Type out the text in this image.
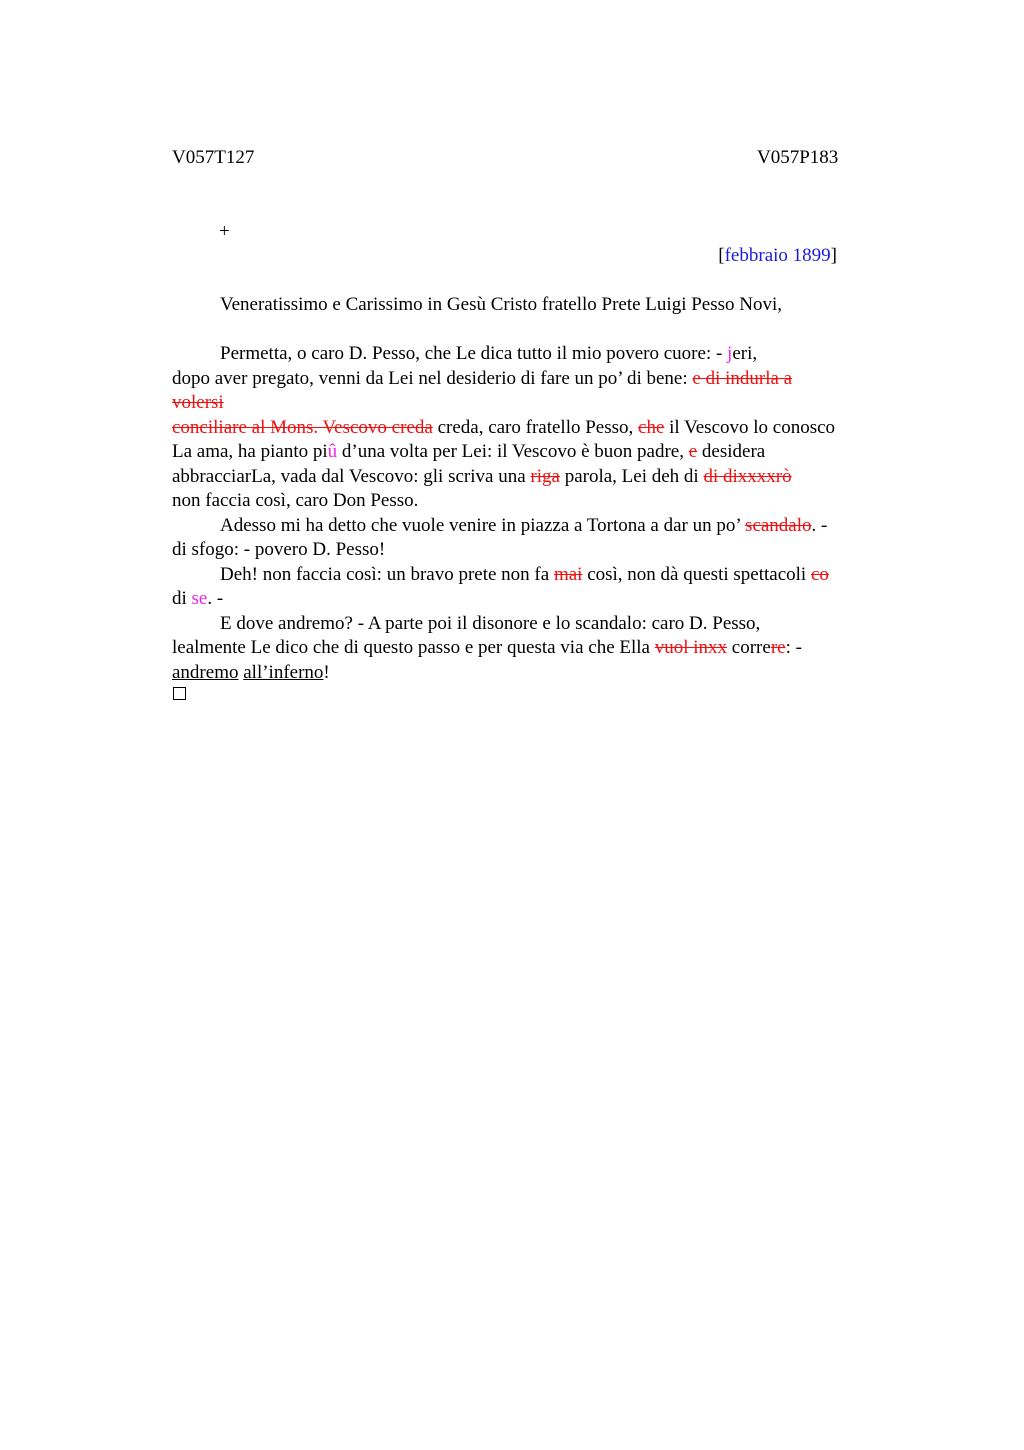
V057T127	V057P183
+
[febbraio 1899]
Veneratissimo e Carissimo in Gesù Cristo fratello Prete Luigi Pesso Novi,
Permetta, o caro D. Pesso, che Le dica tutto il mio povero cuore: - jeri,
dopo aver pregato, venni da Lei nel desiderio di fare un po’ di bene: e di indurla a
volersi
conciliare al Mons. Vescovo creda creda, caro fratello Pesso, che il Vescovo lo conosco
La ama, ha pianto piû d’una volta per Lei: il Vescovo è buon padre, e desidera
abbracciarLa, vada dal Vescovo: gli scriva una riga parola, Lei deh di di dixxxxrò
non faccia così, caro Don Pesso.
Adesso mi ha detto che vuole venire in piazza a Tortona a dar un po’ scandalo. -
di sfogo: - povero D. Pesso!
Deh! non faccia così: un bravo prete non fa mai così, non dà questi spettacoli co
di se. -
E dove andremo? - A parte poi il disonore e lo scandalo: caro D. Pesso,
lealmente Le dico che di questo passo e per questa via che Ella vuol inxx correre: -
andremo all’inferno!
